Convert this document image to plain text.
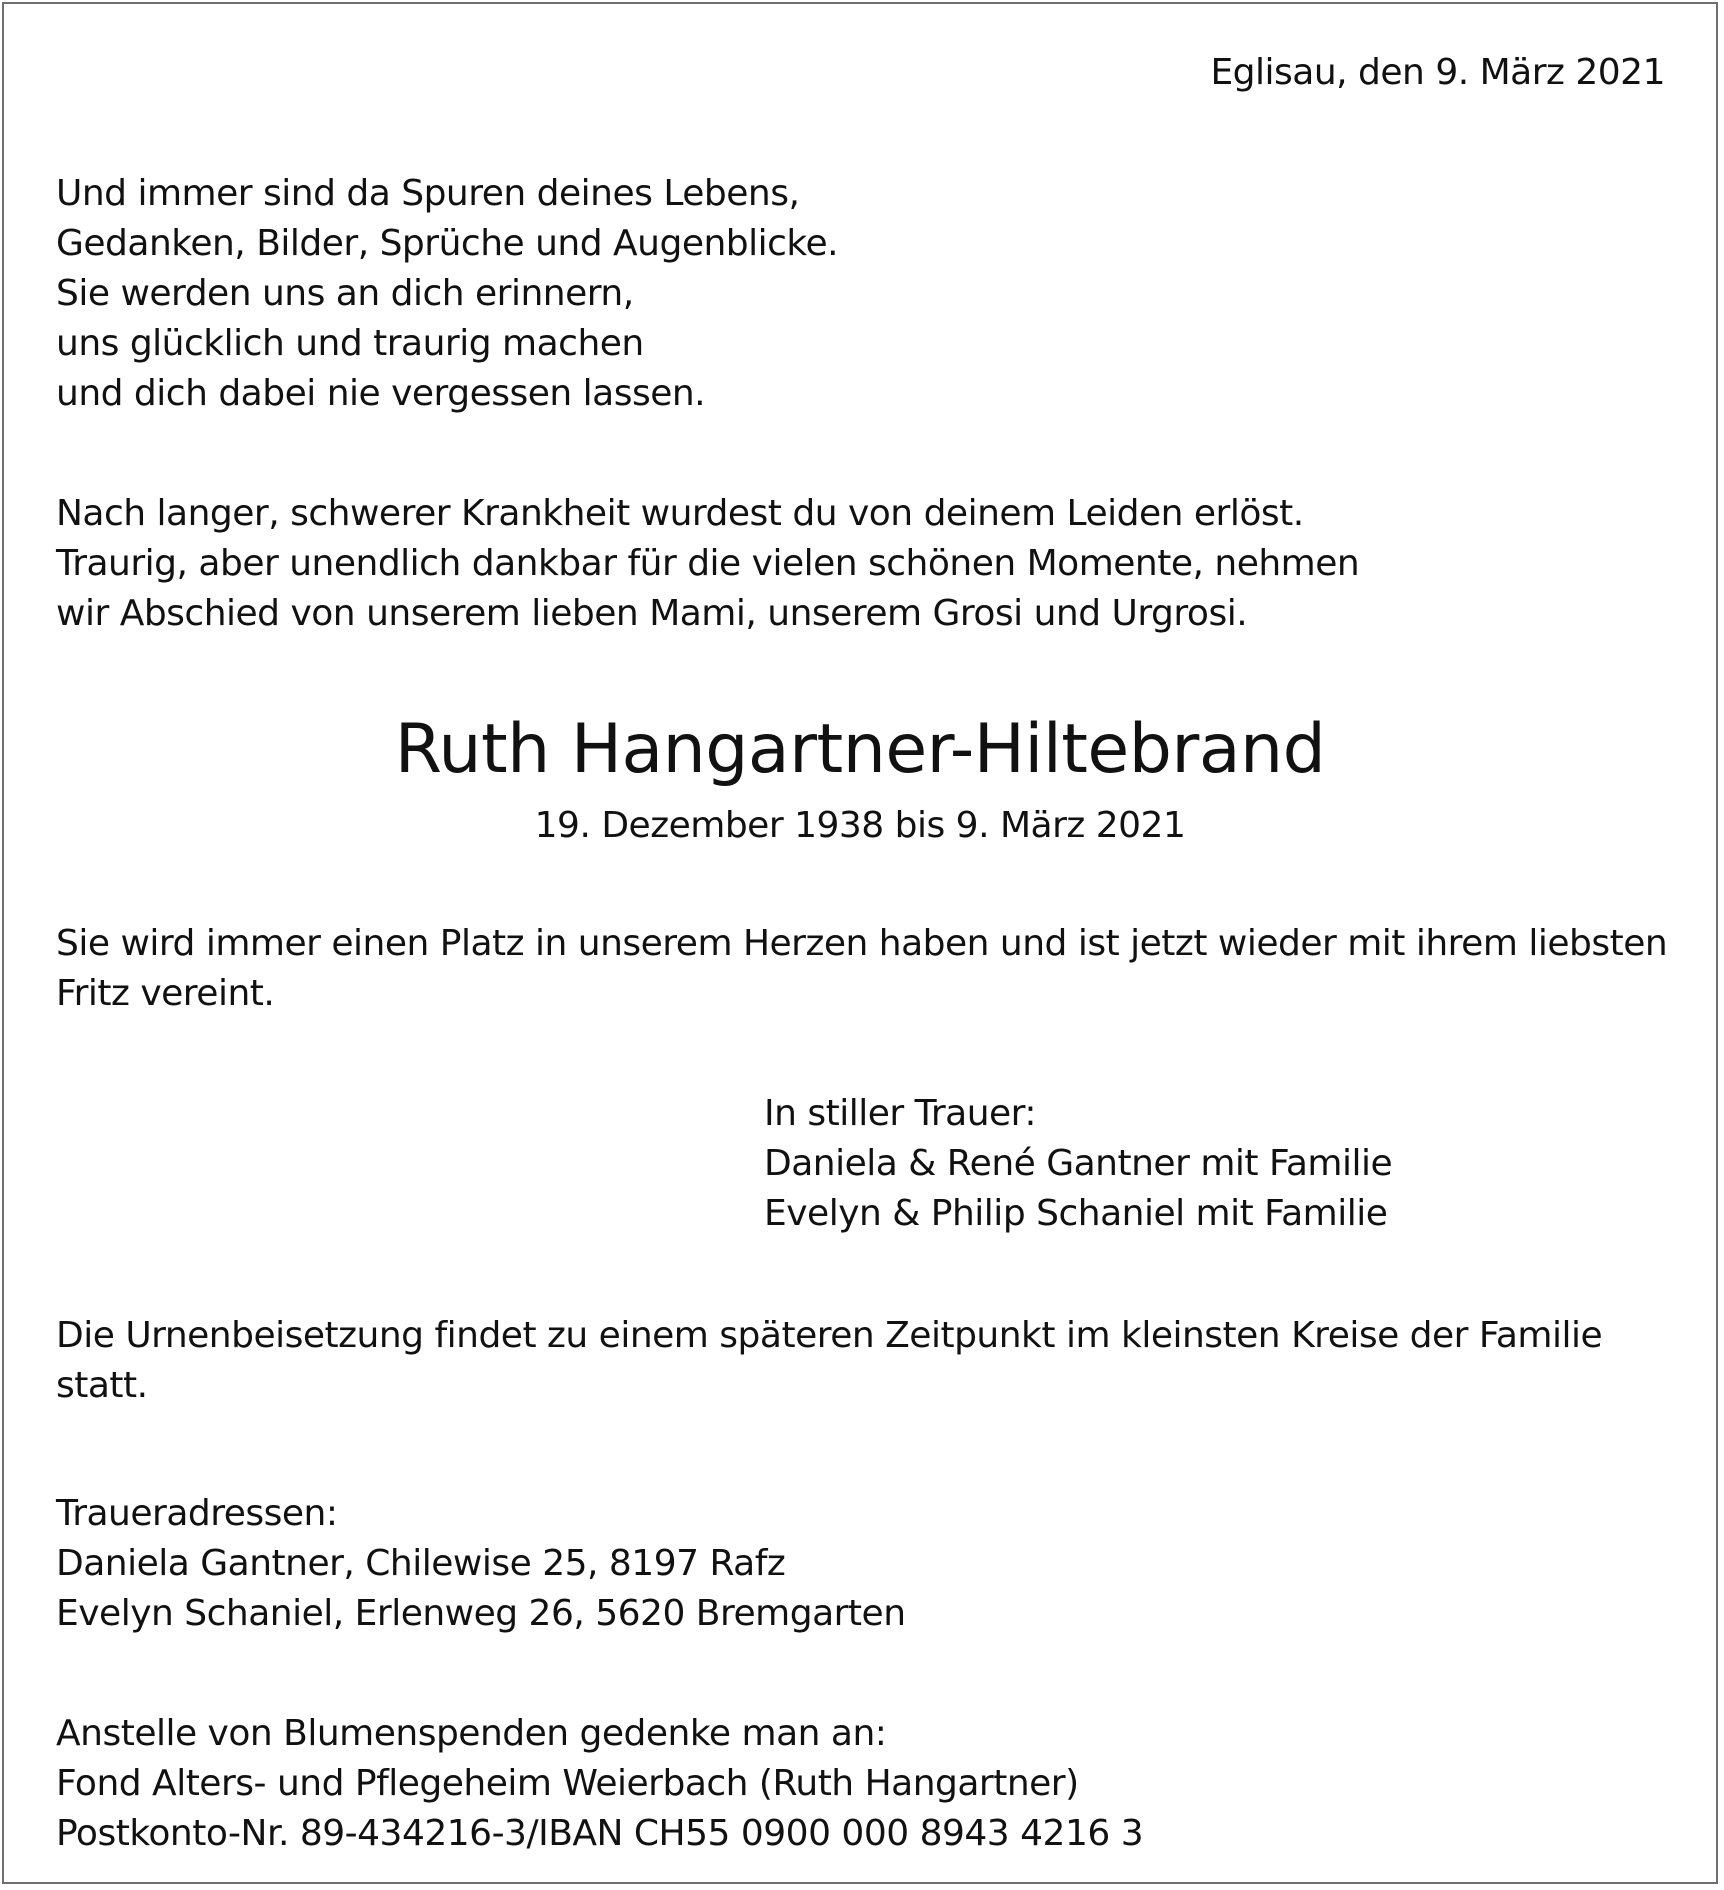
Eglisau, den 9. März 2021
Und immer sind da Spuren deines Lebens,
Gedanken, Bilder, Sprüche und Augenblicke.
Sie werden uns an dich erinnern,
uns glücklich und traurig machen
und dich dabei nie vergessen lassen.
Nach langer, schwerer Krankheit wurdest du von deinem Leiden erlöst.
Traurig, aber unendlich dankbar für die vielen schönen Momente, nehmen
wir Abschied von unserem lieben Mami, unserem Grosi und Urgrosi.
Ruth Hangartner-Hiltebrand
19. Dezember 1938 bis 9. März 2021
Sie wird immer einen Platz in unserem Herzen haben und ist jetzt wieder mit ihrem liebsten
Fritz vereint.
In stiller Trauer:
Daniela & René Gantner mit Familie
Evelyn & Philip Schaniel mit Familie
Die Urnenbeisetzung findet zu einem späteren Zeitpunkt im kleinsten Kreise der Familie
statt.
Traueradressen:
Daniela Gantner, Chilewise 25, 8197 Rafz
Evelyn Schaniel, Erlenweg 26, 5620 Bremgarten
Anstelle von Blumenspenden gedenke man an:
Fond Alters- und Pflegeheim Weierbach (Ruth Hangartner)
Postkonto-Nr. 89-434216-3/IBAN CH55 0900 000 8943 4216 3
